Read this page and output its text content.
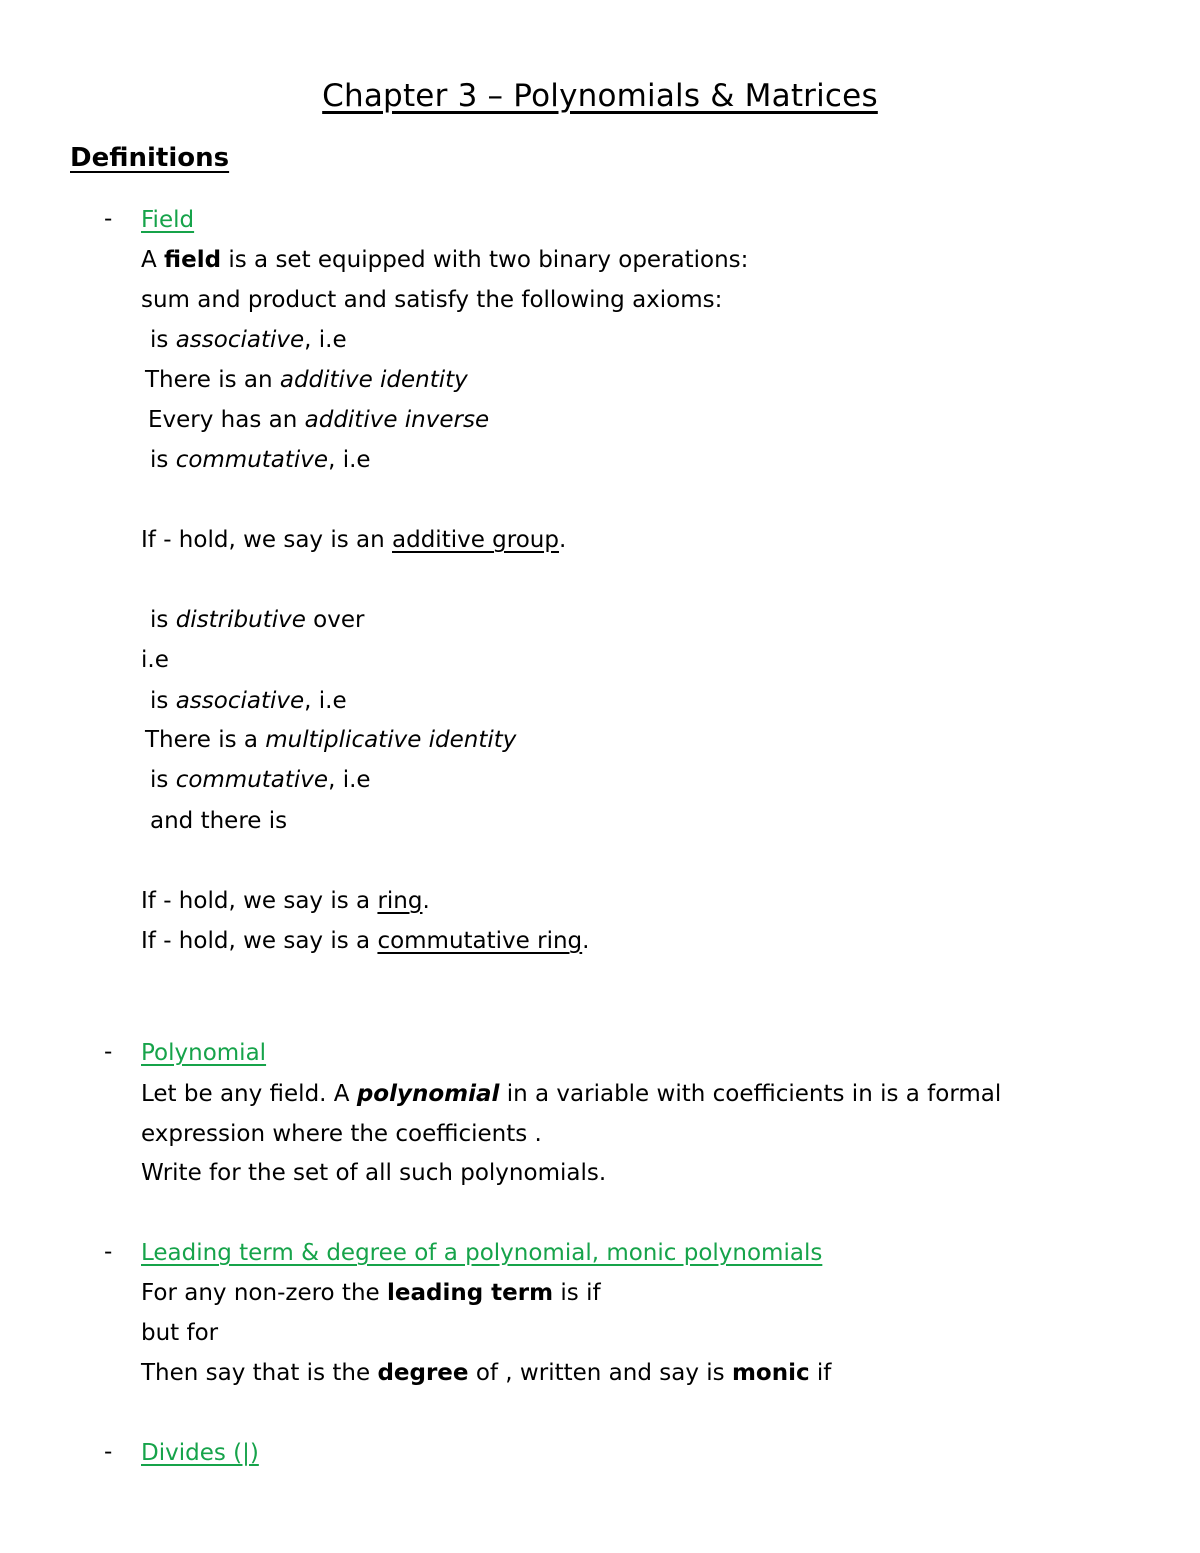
Chapter 3 – Polynomials & Matrices
Definitions
- Field
A field is a set equipped with two binary operations:
sum and product and satisfy the following axioms:
is associative, i.e
There is an additive identity
Every has an additive inverse
is commutative, i.e
If - hold, we say is an additive group.
is distributive over
i.e
is associative, i.e
There is a multiplicative identity
is commutative, i.e
and there is
If - hold, we say is a ring.
If - hold, we say is a commutative ring.
- Polynomial
Let be any field. A polynomial in a variable with coefficients in is a formal
expression where the coefficients .
Write for the set of all such polynomials.
- Leading term & degree of a polynomial, monic polynomials
For any non-zero the leading term is if
but for
Then say that is the degree of , written and say is monic if
- Divides (|)
